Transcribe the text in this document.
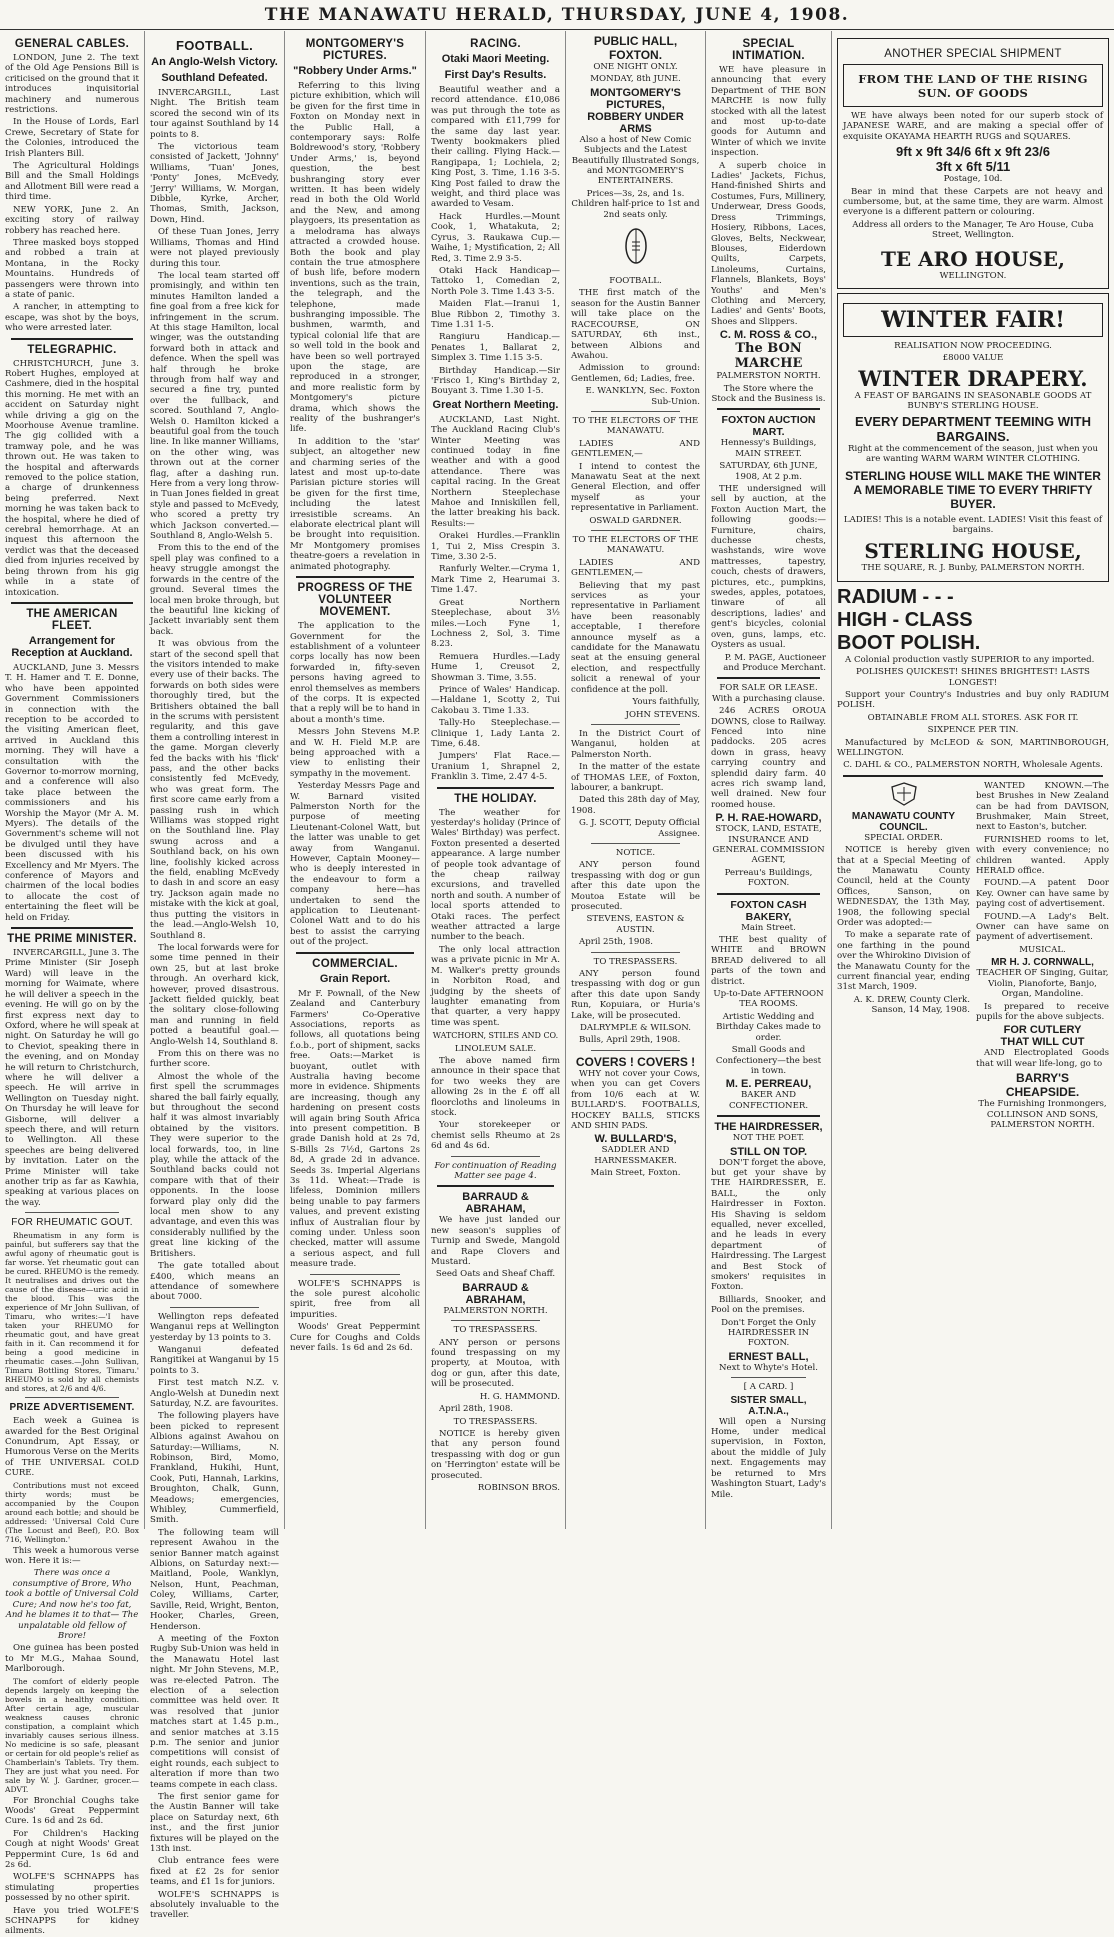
THE MANAWATU HERALD, THURSDAY, JUNE 4, 1908.
GENERAL CABLES.

LONDON, June 2. The text of the Old Age Pensions Bill is criticised on the ground that it introduces inquisitorial machinery and numerous restrictions.

In the House of Lords, Earl Crewe, Secretary of State for the Colonies, introduced the Irish Planters Bill.

The Agricultural Holdings Bill and the Small Holdings and Allotment Bill were read a third time.

NEW YORK, June 2. An exciting story of railway robbery has reached here.

Three masked boys stopped and robbed a train at Montana, in the Rocky Mountains. Hundreds of passengers were thrown into a state of panic.

A rancher, in attempting to escape, was shot by the boys, who were arrested later.

TELEGRAPHIC.

CHRISTCHURCH, June 3. Robert Hughes, employed at Cashmere, died in the hospital this morning. He met with an accident on Saturday night while driving a gig on the Moorhouse Avenue tramline. The gig collided with a tramway pole, and he was thrown out. He was taken to the hospital and afterwards removed to the police station, a charge of drunkenness being preferred. Next morning he was taken back to the hospital, where he died of cerebral hemorrhage. At an inquest this afternoon the verdict was that the deceased died from injuries received by being thrown from his gig while in a state of intoxication.

THE AMERICAN FLEET.
Arrangement for Reception at Auckland.

AUCKLAND, June 3. Messrs T. H. Hamer and T. E. Donne, who have been appointed Government Commissioners in connection with the reception to be accorded to the visiting American fleet, arrived in Auckland this morning. They will have a consultation with the Governor to-morrow morning, and a conference will also take place between the commissioners and his Worship the Mayor (Mr A. M. Myers). The details of the Government's scheme will not be divulged until they have been discussed with his Excellency and Mr Myers. The conference of Mayors and chairmen of the local bodies to allocate the cost of entertaining the fleet will be held on Friday.

THE PRIME MINISTER.

INVERCARGILL, June 3. The Prime Minister (Sir Joseph Ward) will leave in the morning for Waimate, where he will deliver a speech in the evening. He will go on by the first express next day to Oxford, where he will speak at night. On Saturday he will go to Cheviot, speaking there in the evening, and on Monday he will return to Christchurch, where he will deliver a speech. He will arrive in Wellington on Tuesday night. On Thursday he will leave for Gisborne, will deliver a speech there, and will return to Wellington. All these speeches are being delivered by invitation. Later on the Prime Minister will take another trip as far as Kawhia, speaking at various places on the way.

FOR RHEUMATIC GOUT.

Rheumatism in any form is painful, but sufferers say that the awful agony of rheumatic gout is far worse. Yet rheumatic gout can be cured. RHEUMO is the remedy. It neutralises and drives out the cause of the disease—uric acid in the blood. This was the experience of Mr John Sullivan, of Timaru, who writes:—'I have taken your RHEUMO for rheumatic gout, and have great faith in it. Can recommend it for being a good medicine in rheumatic cases.—John Sullivan, Timaru Bottling Stores, Timaru.' RHEUMO is sold by all chemists and stores, at 2/6 and 4/6.

PRIZE ADVERTISEMENT.

Each week a Guinea is awarded for the Best Original Conundrum, Apt Essay, or Humorous Verse on the Merits of THE UNIVERSAL COLD CURE.

Contributions must not exceed thirty words; must be accompanied by the Coupon around each bottle; and should be addressed: 'Universal Cold Cure (The Locust and Beef), P.O. Box 716, Wellington.'

This week a humorous verse won. Here it is:—

There was once a consumptive of Brore, Who took a bottle of Universal Cold Cure; And now he's too fat, And he blames it to that— The unpalatable old fellow of Brore!

One guinea has been posted to Mr M.G., Mahaa Sound, Marlborough.

The comfort of elderly people depends largely on keeping the bowels in a healthy condition. After certain age, muscular weakness causes chronic constipation, a complaint which invariably causes serious illness. No medicine is so safe, pleasant or certain for old people's relief as Chamberlain's Tablets. Try them. They are just what you need. For sale by W. J. Gardner, grocer.—ADVT.

For Bronchial Coughs take Woods' Great Peppermint Cure. 1s 6d and 2s 6d.

For Children's Hacking Cough at night Woods' Great Peppermint Cure, 1s 6d and 2s 6d.

WOLFE'S SCHNAPPS has stimulating properties possessed by no other spirit.

Have you tried WOLFE'S SCHNAPPS for kidney ailments.

FOOTBALL.
An Anglo-Welsh Victory.
Southland Defeated.

INVERCARGILL, Last Night. The British team scored the second win of its tour against Southland by 14 points to 8.

The victorious team consisted of Jackett, 'Johnny' Williams, 'Tuan' Jones, 'Ponty' Jones, McEvedy, 'Jerry' Williams, W. Morgan, Dibble, Kyrke, Archer, Thomas, Smith, Jackson, Down, Hind.

Of these Tuan Jones, Jerry Williams, Thomas and Hind were not played previously during this tour.

The local team started off promisingly, and within ten minutes Hamilton landed a fine goal from a free kick for infringement in the scrum. At this stage Hamilton, local winger, was the outstanding forward both in attack and defence. When the spell was half through he broke through from half way and secured a fine try, punted over the fullback, and scored. Southland 7, Anglo-Welsh 0. Hamilton kicked a beautiful goal from the touch line. In like manner Williams, on the other wing, was thrown out at the corner flag, after a dashing run. Here from a very long throw-in Tuan Jones fielded in great style and passed to McEvedy, who scored a pretty try which Jackson converted.—Southland 8, Anglo-Welsh 5.

From this to the end of the spell play was confined to a heavy struggle amongst the forwards in the centre of the ground. Several times the local men broke through, but the beautiful line kicking of Jackett invariably sent them back.

It was obvious from the start of the second spell that the visitors intended to make every use of their backs. The forwards on both sides were thoroughly tired, but the Britishers obtained the ball in the scrums with persistent regularity, and this gave them a controlling interest in the game. Morgan cleverly fed the backs with his 'flick' pass, and the other backs consistently fed McEvedy, who was great form. The first score came early from a passing rush in which Williams was stopped right on the Southland line. Play swung across and a Southland back, on his own line, foolishly kicked across the field, enabling McEvedy to dash in and score an easy try. Jackson again made no mistake with the kick at goal, thus putting the visitors in the lead.—Anglo-Welsh 10, Southland 8.

The local forwards were for some time penned in their own 25, but at last broke through. An overhard kick, however, proved disastrous. Jackett fielded quickly, beat the solitary close-following man and running in field potted a beautiful goal.—Anglo-Welsh 14, Southland 8.

From this on there was no further score.

Almost the whole of the first spell the scrummages shared the ball fairly equally, but throughout the second half it was almost invariably obtained by the visitors. They were superior to the local forwards, too, in line play, while the attack of the Southland backs could not compare with that of their opponents. In the loose forward play only did the local men show to any advantage, and even this was considerably nullified by the great line kicking of the Britishers.

The gate totalled about £400, which means an attendance of somewhere about 7000.

Wellington reps defeated Wanganui reps at Wellington yesterday by 13 points to 3.

Wanganui defeated Rangitikei at Wanganui by 15 points to 3.

First test match N.Z. v. Anglo-Welsh at Dunedin next Saturday, N.Z. are favourites.

The following players have been picked to represent Albions against Awahou on Saturday:—Williams, N. Robinson, Bird, Momo, Frankland, Hukihi, Hunt, Cook, Puti, Hannah, Larkins, Broughton, Chalk, Gunn, Meadows; emergencies, Whibley, Cummerfield, Smith.

The following team will represent Awahou in the senior Banner match against Albions, on Saturday next:— Maitland, Poole, Wanklyn, Nelson, Hunt, Peachman, Coley, Williams, Carter, Saville, Reid, Wright, Benton, Hooker, Charles, Green, Henderson.

A meeting of the Foxton Rugby Sub-Union was held in the Manawatu Hotel last night. Mr John Stevens, M.P., was re-elected Patron. The election of a selection committee was held over. It was resolved that junior matches start at 1.45 p.m., and senior matches at 3.15 p.m. The senior and junior competitions will consist of eight rounds, each subject to alteration if more than two teams compete in each class.

The first senior game for the Austin Banner will take place on Saturday next, 6th inst., and the first junior fixtures will be played on the 13th inst.

Club entrance fees were fixed at £2 2s for senior teams, and £1 1s for juniors.

WOLFE'S SCHNAPPS is absolutely invaluable to the traveller.

MONTGOMERY'S PICTURES.
"Robbery Under Arms."

Referring to this living picture exhibition, which will be given for the first time in Foxton on Monday next in the Public Hall, a contemporary says: Rolfe Boldrewood's story, 'Robbery Under Arms,' is, beyond question, the best bushranging story ever written. It has been widely read in both the Old World and the New, and among playgoers, its presentation as a melodrama has always attracted a crowded house. Both the book and play contain the true atmosphere of bush life, before modern inventions, such as the train, the telegraph, and the telephone, made bushranging impossible. The bushmen, warmth, and typical colonial life that are so well told in the book and have been so well portrayed upon the stage, are reproduced in a stronger, and more realistic form by Montgomery's picture drama, which shows the reality of the bushranger's life.

In addition to the 'star' subject, an altogether new and charming series of the latest and most up-to-date Parisian picture stories will be given for the first time, including the latest irresistible screams. An elaborate electrical plant will be brought into requisition. Mr Montgomery promises theatre-goers a revelation in animated photography.

PROGRESS OF THE VOLUNTEER MOVEMENT.

The application to the Government for the establishment of a volunteer corps locally has now been forwarded in, fifty-seven persons having agreed to enrol themselves as members of the corps. It is expected that a reply will be to hand in about a month's time.

Messrs John Stevens M.P. and W. H. Field M.P. are being approached with a view to enlisting their sympathy in the movement.

Yesterday Messrs Page and W. Barnard visited Palmerston North for the purpose of meeting Lieutenant-Colonel Watt, but the latter was unable to get away from Wanganui. However, Captain Mooney—who is deeply interested in the endeavour to form a company here—has undertaken to send the application to Lieutenant-Colonel Watt and to do his best to assist the carrying out of the project.

COMMERCIAL.
Grain Report.

Mr F. Pownall, of the New Zealand and Canterbury Farmers' Co-Operative Associations, reports as follows, all quotations being f.o.b., port of shipment, sacks free. Oats:—Market is buoyant, outlet with Australia having become more in evidence. Shipments are increasing, though any hardening on present costs will again bring South Africa into present competition. B grade Danish hold at 2s 7d, S-Bills 2s 7½d, Gartons 2s 8d, A grade 2d in advance. Seeds 3s. Imperial Algerians 3s 11d. Wheat:—Trade is lifeless, Dominion millers being unable to pay farmers values, and prevent existing influx of Australian flour by coming under. Unless soon checked, matter will assume a serious aspect, and full measure trade.

WOLFE'S SCHNAPPS is the sole purest alcoholic spirit, free from all impurities.

Woods' Great Peppermint Cure for Coughs and Colds never fails. 1s 6d and 2s 6d.

RACING.
Otaki Maori Meeting.
First Day's Results.

Beautiful weather and a record attendance. £10,086 was put through the tote as compared with £11,799 for the same day last year. Twenty bookmakers plied their calling. Flying Hack.—Rangipapa, 1; Lochiela, 2; King Post, 3. Time, 1.16 3-5. King Post failed to draw the weight, and third place was awarded to Vesam.

Hack Hurdles.—Mount Cook, 1, Whatakuta, 2; Cyrus, 3. Raukawa Cup.—Waihe, 1; Mystification, 2; All Red, 3. Time 2.9 3-5.

Otaki Hack Handicap—Tattoko 1, Comedian 2, North Pole 3. Time 1.43 3-5.

Maiden Flat.—Iranui 1, Blue Ribbon 2, Timothy 3. Time 1.31 1-5.

Rangiuru Handicap.—Penates 1, Ballarat 2, Simplex 3. Time 1.15 3-5.

Birthday Handicap.—Sir 'Frisco 1, King's Birthday 2, Bouyant 3. Time 1.30 1-5.

Great Northern Meeting.

AUCKLAND, Last Night. The Auckland Racing Club's Winter Meeting was continued today in fine weather and with a good attendance. There was capital racing. In the Great Northern Steeplechase Mahoe and Inniskillen fell, the latter breaking his back. Results:—

Orakei Hurdles.—Franklin 1, Tui 2, Miss Crespin 3. Time, 3.30 2-5.

Ranfurly Welter.—Cryma 1, Mark Time 2, Hearumai 3. Time 1.47.

Great Northern Steeplechase, about 3½ miles.—Loch Fyne 1, Lochness 2, Sol, 3. Time 8.23.

Remuera Hurdles.—Lady Hume 1, Creusot 2, Showman 3. Time, 3.55.

Prince of Wales' Handicap.—Haldane 1, Scotty 2, Tui Cakobau 3. Time 1.33.

Tally-Ho Steeplechase.—Clinique 1, Lady Lanta 2. Time, 6.48.

Jumpers' Flat Race.—Uranium 1, Shrapnel 2, Franklin 3. Time, 2.47 4-5.

THE HOLIDAY.

The weather for yesterday's holiday (Prince of Wales' Birthday) was perfect. Foxton presented a deserted appearance. A large number of people took advantage of the cheap railway excursions, and travelled north and south. A number of local sports attended to Otaki races. The perfect weather attracted a large number to the beach.

The only local attraction was a private picnic in Mr A. M. Walker's pretty grounds in Norbiton Road, and judging by the sheets of laughter emanating from that quarter, a very happy time was spent.

WATCHORN, STILES AND CO.

LINOLEUM SALE.

The above named firm announce in their space that for two weeks they are allowing 2s in the £ off all floorcloths and linoleums in stock.

Your storekeeper or chemist sells Rheumo at 2s 6d and 4s 6d.

For continuation of Reading Matter see page 4.

BARRAUD & ABRAHAM,

We have just landed our new season's supplies of Turnip and Swede, Mangold and Rape Clovers and Mustard.

Seed Oats and Sheaf Chaff.

BARRAUD & ABRAHAM,

PALMERSTON NORTH.

TO TRESPASSERS.

ANY person or persons found trespassing on my property, at Moutoa, with dog or gun, after this date, will be prosecuted.

H. G. HAMMOND.

April 28th, 1908.

TO TRESPASSERS.

NOTICE is hereby given that any person found trespassing with dog or gun on 'Herrington' estate will be prosecuted.

ROBINSON BROS.

PUBLIC HALL, FOXTON.

ONE NIGHT ONLY.

MONDAY, 8th JUNE.

MONTGOMERY'S PICTURES,
ROBBERY UNDER ARMS

Also a host of New Comic Subjects and the Latest Beautifully Illustrated Songs, and MONTGOMERY'S ENTERTAINERS.

Prices—3s, 2s, and 1s. Children half-price to 1st and 2nd seats only.

FOOTBALL.

THE first match of the season for the Austin Banner will take place on the RACECOURSE, ON SATURDAY, 6th inst., between Albions and Awahou.

Admission to ground: Gentlemen, 6d; Ladies, free.

E. WANKLYN, Sec. Foxton Sub-Union.

TO THE ELECTORS OF THE MANAWATU.

LADIES AND GENTLEMEN,—

I intend to contest the Manawatu Seat at the next General Election, and offer myself as your representative in Parliament.

OSWALD GARDNER.

TO THE ELECTORS OF THE MANAWATU.

LADIES AND GENTLEMEN,—

Believing that my past services as your representative in Parliament have been reasonably acceptable, I therefore announce myself as a candidate for the Manawatu seat at the ensuing general election, and respectfully solicit a renewal of your confidence at the poll.

Yours faithfully,

JOHN STEVENS.

In the District Court of Wanganui, holden at Palmerston North.

In the matter of the estate of THOMAS LEE, of Foxton, labourer, a bankrupt.

Dated this 28th day of May, 1908.

G. J. SCOTT, Deputy Official Assignee.

NOTICE.

ANY person found trespassing with dog or gun after this date upon the Moutoa Estate will be prosecuted.

STEVENS, EASTON & AUSTIN.

April 25th, 1908.

TO TRESPASSERS.

ANY person found trespassing with dog or gun after this date upon Sandy Run, Kopuiara, or Huria's Lake, will be prosecuted.

DALRYMPLE & WILSON.

Bulls, April 29th, 1908.

COVERS ! COVERS !

WHY not cover your Cows, when you can get Covers from 10/6 each at W. BULLARD'S. FOOTBALLS, HOCKEY BALLS, STICKS AND SHIN PADS.

W. BULLARD'S,

SADDLER AND HARNESSMAKER.

Main Street, Foxton.

SPECIAL INTIMATION.

WE have pleasure in announcing that every Department of THE BON MARCHE is now fully stocked with all the latest and most up-to-date goods for Autumn and Winter of which we invite inspection.

A superb choice in Ladies' Jackets, Fichus, Hand-finished Shirts and Costumes, Furs, Millinery, Underwear, Dress Goods, Dress Trimmings, Hosiery, Ribbons, Laces, Gloves, Belts, Neckwear, Blouses, Eiderdown Quilts, Carpets, Linoleums, Curtains, Flannels, Blankets, Boys' Youths' and Men's Clothing and Mercery, Ladies' and Gents' Boots, Shoes and Slippers.

C. M. ROSS & CO.,
The BON MARCHE

PALMERSTON NORTH.

The Store where the Stock and the Business is.

FOXTON AUCTION MART.

Hennessy's Buildings, MAIN STREET.

SATURDAY, 6th JUNE, 1908, At 2 p.m.

THE undersigned will sell by auction, at the Foxton Auction Mart, the following goods:— Furniture, chairs, duchesse chests, washstands, wire wove mattresses, tapestry, couch, chests of drawers, pictures, etc., pumpkins, swedes, apples, potatoes, tinware of all descriptions, ladies' and gent's bicycles, colonial oven, guns, lamps, etc. Oysters as usual.

P. M. PAGE, Auctioneer and Produce Merchant.

FOR SALE OR LEASE. With a purchasing clause.

246 ACRES OROUA DOWNS, close to Railway. Fenced into nine paddocks. 205 acres down in grass, heavy carrying country and splendid dairy farm. 40 acres rich swamp land, well drained. New four roomed house.

P. H. RAE-HOWARD,

STOCK, LAND, ESTATE, INSURANCE AND GENERAL COMMISSION AGENT,

Perreau's Buildings, FOXTON.

FOXTON CASH BAKERY,

Main Street.

THE best quality of WHITE and BROWN BREAD delivered to all parts of the town and district.

Up-to-Date AFTERNOON TEA ROOMS.

Artistic Wedding and Birthday Cakes made to order.

Small Goods and Confectionery—the best in town.

M. E. PERREAU,

BAKER AND CONFECTIONER.

THE HAIRDRESSER,

NOT THE POET.

STILL ON TOP.

DON'T forget the above, but get your shave by THE HAIRDRESSER, E. BALL, the only Hairdresser in Foxton. His Shaving is seldom equalled, never excelled, and he leads in every department of Hairdressing. The Largest and Best Stock of smokers' requisites in Foxton.

Billiards, Snooker, and Pool on the premises.

Don't Forget the Only HAIRDRESSER IN FOXTON.

ERNEST BALL,

Next to Whyte's Hotel.

[ A CARD. ]

SISTER SMALL, A.T.N.A.,

Will open a Nursing Home, under medical supervision, in Foxton, about the middle of July next. Engagements may be returned to Mrs Washington Stuart, Lady's Mile.

ANOTHER SPECIAL SHIPMENT
FROM THE LAND OF THE RISING SUN. OF GOODS

WE have always been noted for our superb stock of JAPANESE WARE, and are making a special offer of exquisite OKAYAMA HEARTH RUGS and SQUARES.

9ft x 9ft 34/6 6ft x 9ft 23/6
3ft x 6ft 5/11

Postage, 10d.

Bear in mind that these Carpets are not heavy and cumbersome, but, at the same time, they are warm. Almost everyone is a different pattern or colouring.

Address all orders to the Manager, Te Aro House, Cuba Street, Wellington.

TE ARO HOUSE,

WELLINGTON.

WINTER FAIR!

REALISATION NOW PROCEEDING.

£8000 VALUE

WINTER DRAPERY.

A FEAST OF BARGAINS IN SEASONABLE GOODS AT BUNBY'S STERLING HOUSE.

EVERY DEPARTMENT TEEMING WITH BARGAINS.

Right at the commencement of the season, just when you are wanting WARM WARM WINTER CLOTHING.

STERLING HOUSE WILL MAKE THE WINTER A MEMORABLE TIME TO EVERY THRIFTY BUYER.

LADIES! This is a notable event. LADIES! Visit this feast of bargains.

STERLING HOUSE,

THE SQUARE, R. J. Bunby, PALMERSTON NORTH.

RADIUM - - -
HIGH - CLASS
BOOT POLISH.

A Colonial production vastly SUPERIOR to any imported.

POLISHES QUICKEST! SHINES BRIGHTEST! LASTS LONGEST!

Support your Country's Industries and buy only RADIUM POLISH.

OBTAINABLE FROM ALL STORES. ASK FOR IT.

SIXPENCE PER TIN.

Manufactured by McLEOD & SON, MARTINBOROUGH, WELLINGTON.

C. DAHL & CO., PALMERSTON NORTH, Wholesale Agents.

MANAWATU COUNTY COUNCIL.

SPECIAL ORDER.

NOTICE is hereby given that at a Special Meeting of the Manawatu County Council, held at the County Offices, Sanson, on WEDNESDAY, the 13th May, 1908, the following special Order was adopted:—

To make a separate rate of one farthing in the pound over the Whirokino Division of the Manawatu County for the current financial year, ending 31st March, 1909.

A. K. DREW, County Clerk. Sanson, 14 May, 1908.

WANTED KNOWN.—The best Brushes in New Zealand can be had from DAVISON, Brushmaker, Main Street, next to Easton's, butcher.

FURNISHED rooms to let, with every convenience; no children wanted. Apply HERALD office.

FOUND.—A patent Door Key. Owner can have same by paying cost of advertisement.

FOUND.—A Lady's Belt. Owner can have same on payment of advertisement.

MUSICAL.

MR H. J. CORNWALL,

TEACHER OF Singing, Guitar, Violin, Pianoforte, Banjo, Organ, Mandoline.

Is prepared to receive pupils for the above subjects.

FOR CUTLERY
THAT WILL CUT

AND Electroplated Goods that will wear life-long, go to

BARRY'S
CHEAPSIDE.

The Furnishing Ironmongers, COLLINSON AND SONS, PALMERSTON NORTH.
